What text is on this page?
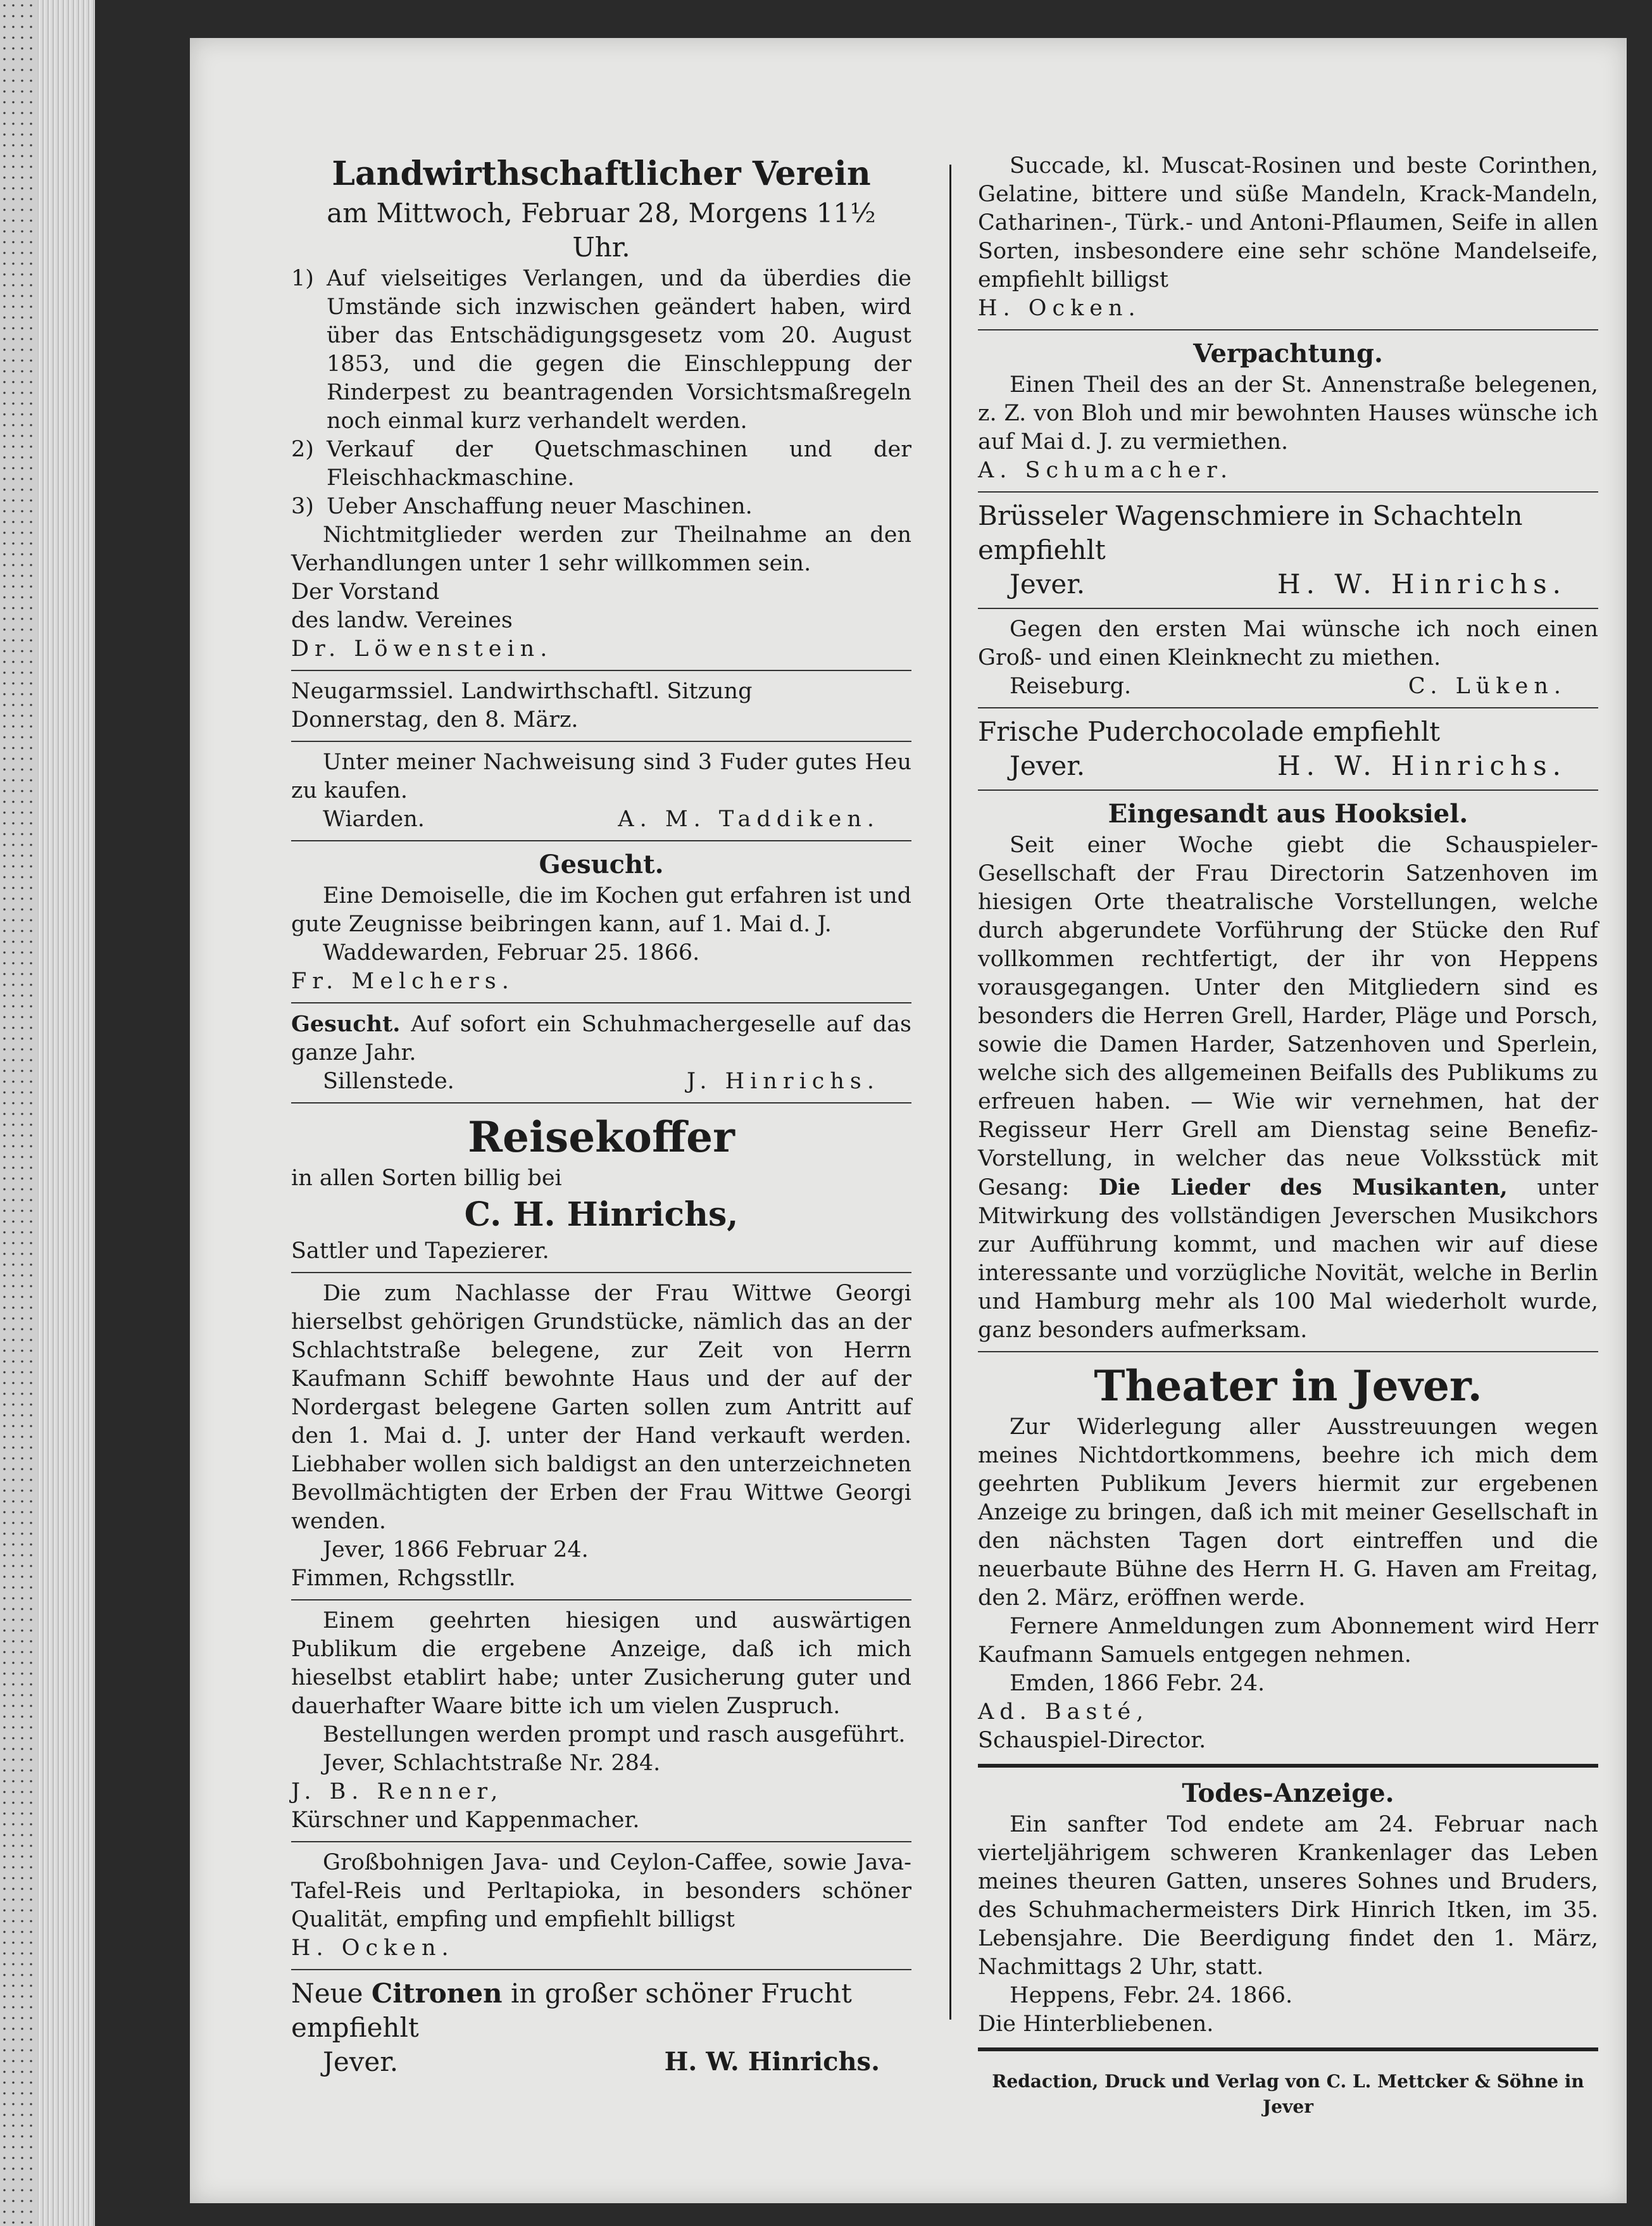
Landwirthschaftlicher Verein
am Mittwoch, Februar 28, Morgens 11½
Uhr.
1) Auf vielseitiges Verlangen, und da überdies die Umstände sich inzwischen geändert haben, wird über das Entschädigungsgesetz vom 20. August 1853, und die gegen die Einschleppung der Rinderpest zu beantragenden Vorsichtsmaßregeln noch einmal kurz verhandelt werden.

2) Verkauf der Quetschmaschinen und der Fleischhackmaschine.

3) Ueber Anschaffung neuer Maschinen.

Nichtmitglieder werden zur Theilnahme an den Verhandlungen unter 1 sehr willkommen sein.

Der Vorstand

des landw. Vereines

Dr. Löwenstein.

Neugarmssiel. Landwirthschaftl. Sitzung

Donnerstag, den 8. März.

Unter meiner Nachweisung sind 3 Fuder gutes Heu zu kaufen.

Wiarden.	A. M. Taddiken.
Gesucht.

Eine Demoiselle, die im Kochen gut erfahren ist und gute Zeugnisse beibringen kann, auf 1. Mai d. J.

Waddewarden, Februar 25. 1866.

Fr. Melchers.

Gesucht. Auf sofort ein Schuhmachergeselle auf das ganze Jahr.

Sillenstede.	J. Hinrichs.
Reisekoffer

in allen Sorten billig bei

C. H. Hinrichs,

Sattler und Tapezierer.

Die zum Nachlasse der Frau Wittwe Georgi hierselbst gehörigen Grundstücke, nämlich das an der Schlachtstraße belegene, zur Zeit von Herrn Kaufmann Schiff bewohnte Haus und der auf der Nordergast belegene Garten sollen zum Antritt auf den 1. Mai d. J. unter der Hand verkauft werden. Liebhaber wollen sich baldigst an den unterzeichneten Bevollmächtigten der Erben der Frau Wittwe Georgi wenden.

Jever, 1866 Februar 24.

Fimmen, Rchgsstllr.

Einem geehrten hiesigen und auswärtigen Publikum die ergebene Anzeige, daß ich mich hieselbst etablirt habe; unter Zusicherung guter und dauerhafter Waare bitte ich um vielen Zuspruch.

Bestellungen werden prompt und rasch ausgeführt.

Jever, Schlachtstraße Nr. 284.

J. B. Renner,

Kürschner und Kappenmacher.

Großbohnigen Java- und Ceylon-Caffee, sowie Java-Tafel-Reis und Perltapioka, in besonders schöner Qualität, empfing und empfiehlt billigst

H. Ocken.

Neue Citronen in großer schöner Frucht

empfiehlt

Jever.	H. W. Hinrichs.

Succade, kl. Muscat-Rosinen und beste Corinthen, Gelatine, bittere und süße Mandeln, Krack-Mandeln, Catharinen-, Türk.- und Antoni-Pflaumen, Seife in allen Sorten, insbesondere eine sehr schöne Mandelseife, empfiehlt billigst

H. Ocken.

Verpachtung.

Einen Theil des an der St. Annenstraße belegenen, z. Z. von Bloh und mir bewohnten Hauses wünsche ich auf Mai d. J. zu vermiethen.

A. Schumacher.

Brüsseler Wagenschmiere in Schachteln

empfiehlt

Jever.	H. W. Hinrichs.

Gegen den ersten Mai wünsche ich noch einen Groß- und einen Kleinknecht zu miethen.

Reiseburg.	C. Lüken.

Frische Puderchocolade empfiehlt

Jever.	H. W. Hinrichs.
Eingesandt aus Hooksiel.

Seit einer Woche giebt die Schauspieler-Gesellschaft der Frau Directorin Satzenhoven im hiesigen Orte theatralische Vorstellungen, welche durch abgerundete Vorführung der Stücke den Ruf vollkommen rechtfertigt, der ihr von Heppens vorausgegangen. Unter den Mitgliedern sind es besonders die Herren Grell, Harder, Pläge und Porsch, sowie die Damen Harder, Satzenhoven und Sperlein, welche sich des allgemeinen Beifalls des Publikums zu erfreuen haben. — Wie wir vernehmen, hat der Regisseur Herr Grell am Dienstag seine Benefiz-Vorstellung, in welcher das neue Volksstück mit Gesang: Die Lieder des Musikanten, unter Mitwirkung des vollständigen Jeverschen Musikchors zur Aufführung kommt, und machen wir auf diese interessante und vorzügliche Novität, welche in Berlin und Hamburg mehr als 100 Mal wiederholt wurde, ganz besonders aufmerksam.

Theater in Jever.

Zur Widerlegung aller Ausstreuungen wegen meines Nichtdortkommens, beehre ich mich dem geehrten Publikum Jevers hiermit zur ergebenen Anzeige zu bringen, daß ich mit meiner Gesellschaft in den nächsten Tagen dort eintreffen und die neuerbaute Bühne des Herrn H. G. Haven am Freitag, den 2. März, eröffnen werde.

Fernere Anmeldungen zum Abonnement wird Herr Kaufmann Samuels entgegen nehmen.

Emden, 1866 Febr. 24.

Ad. Basté,

Schauspiel-Director.

Todes-Anzeige.

Ein sanfter Tod endete am 24. Februar nach vierteljährigem schweren Krankenlager das Leben meines theuren Gatten, unseres Sohnes und Bruders, des Schuhmachermeisters Dirk Hinrich Itken, im 35. Lebensjahre. Die Beerdigung findet den 1. März, Nachmittags 2 Uhr, statt.

Heppens, Febr. 24. 1866.

Die Hinterbliebenen.

Redaction, Druck und Verlag von C. L. Mettcker & Söhne in Jever
